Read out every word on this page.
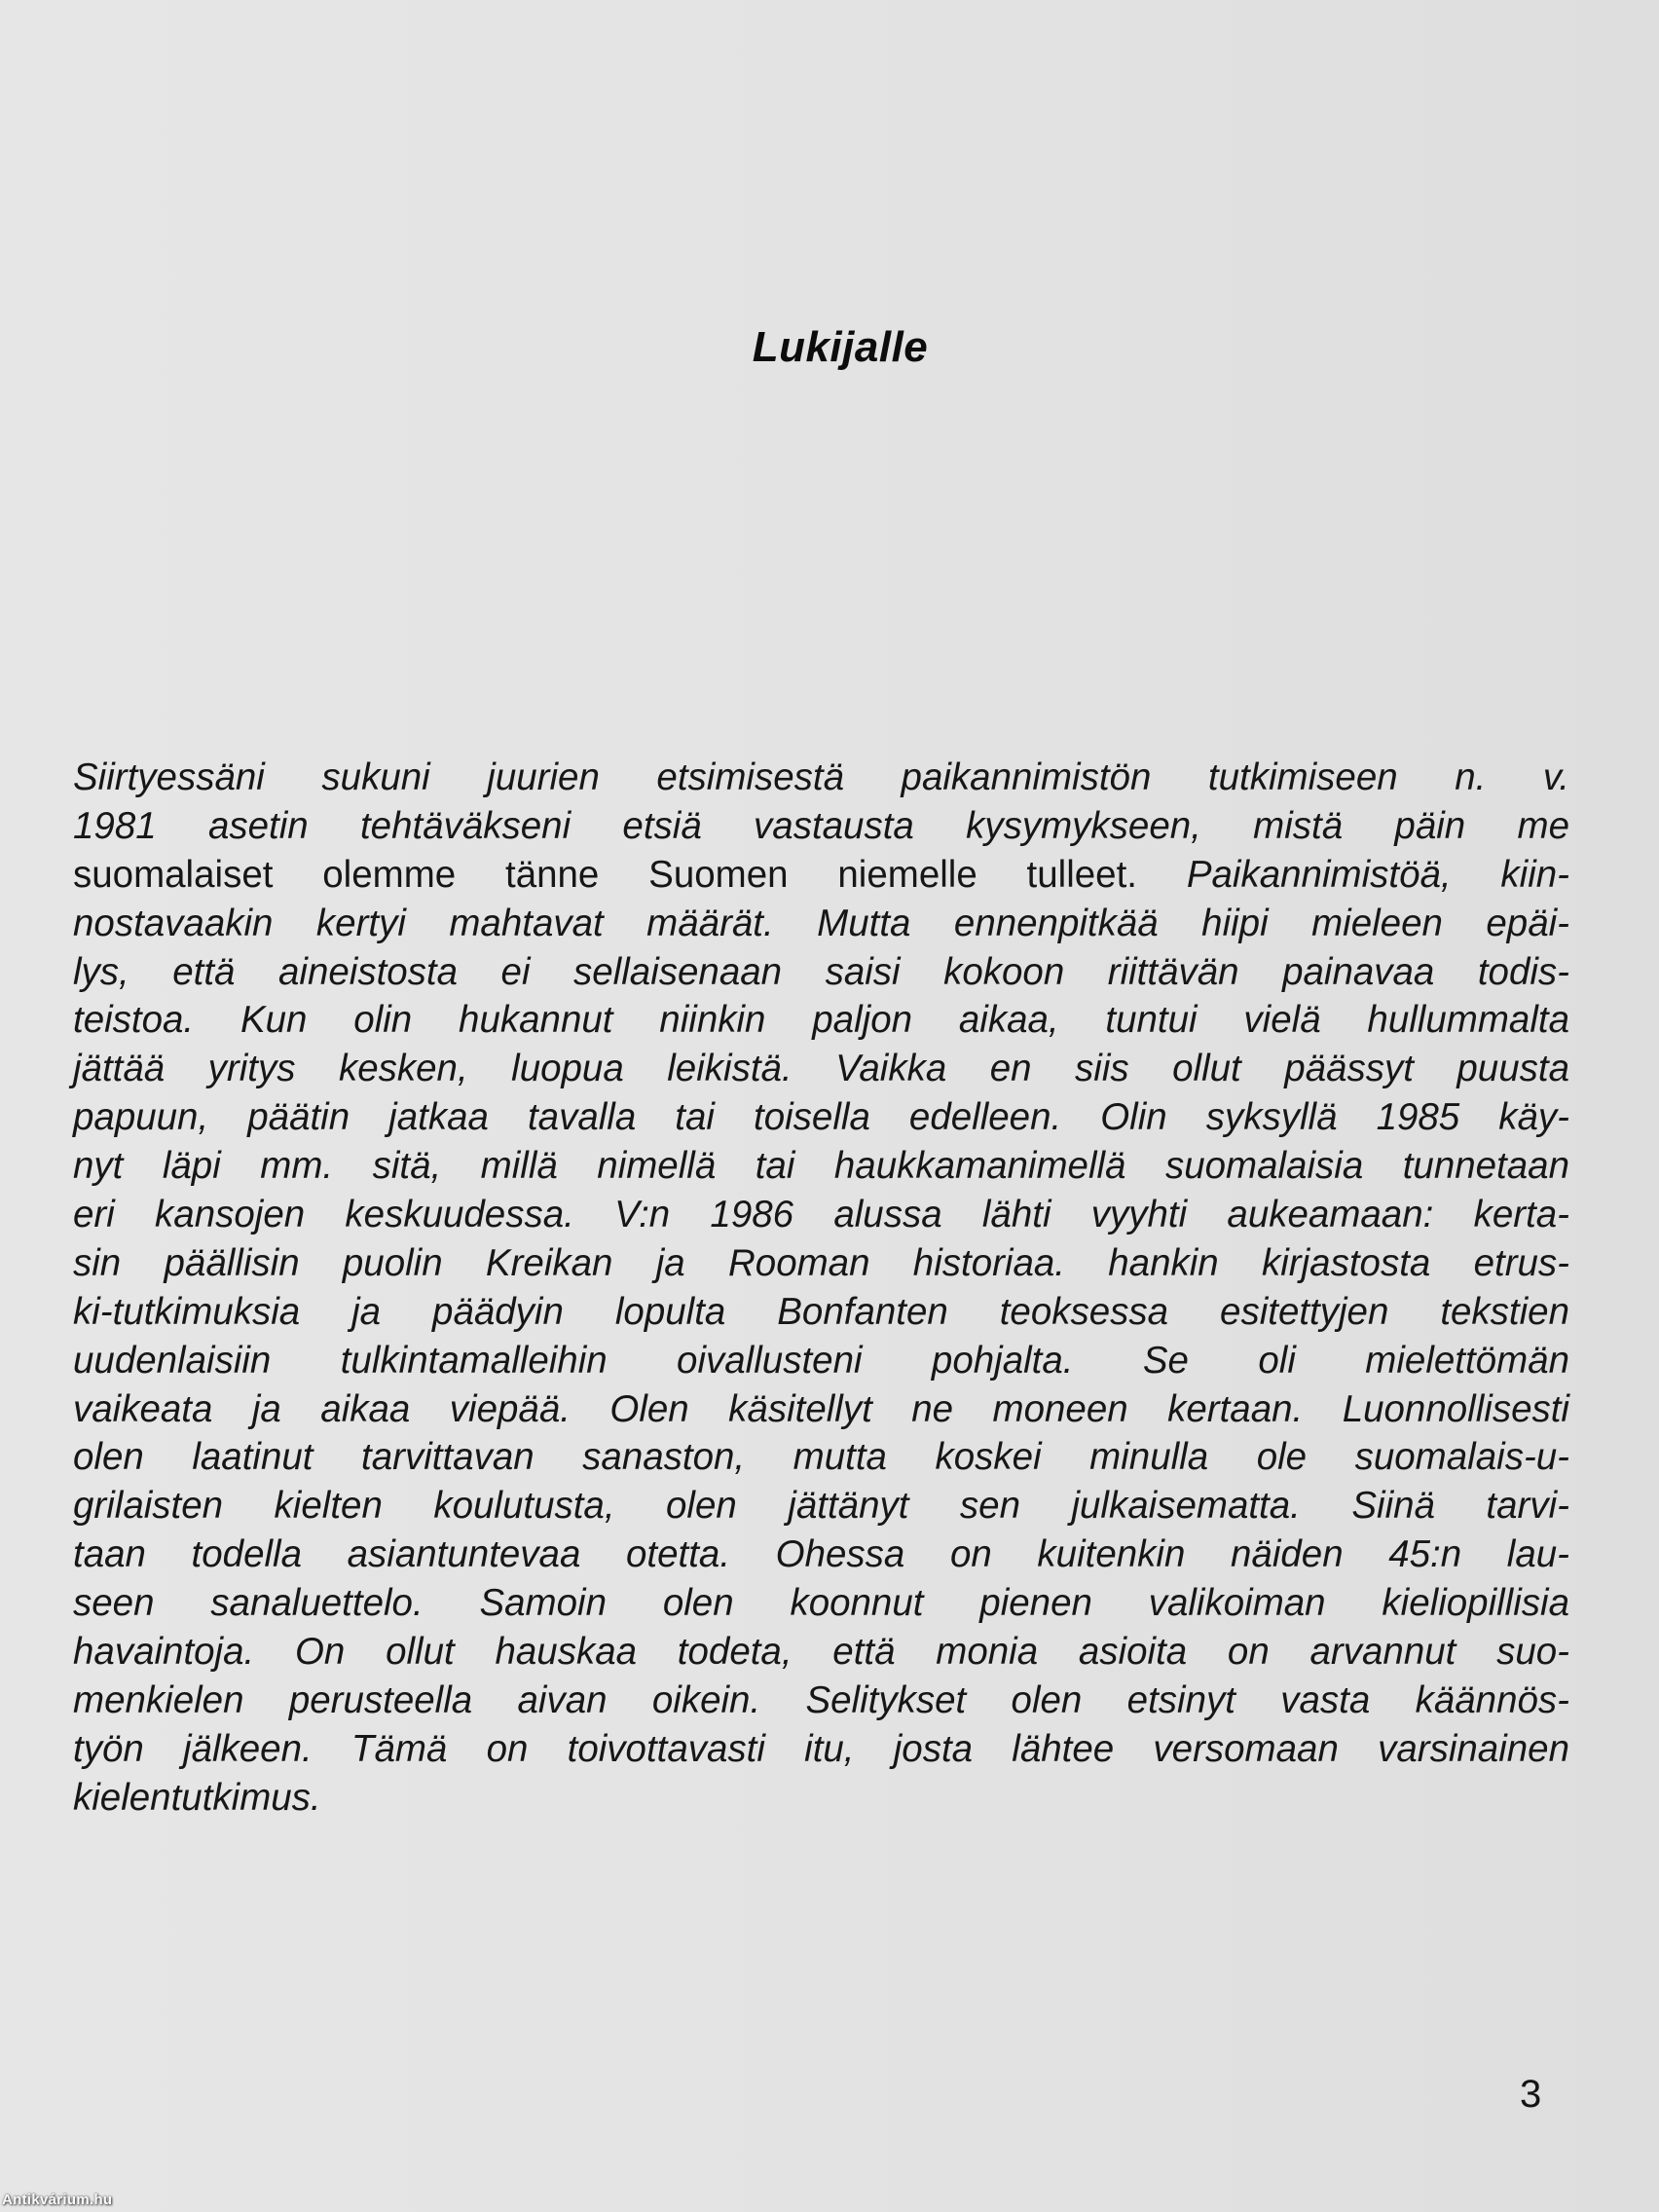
Lukijalle
Siirtyessäni sukuni juurien etsimisestä paikannimistön tutkimiseen n. v.
1981 asetin tehtäväkseni etsiä vastausta kysymykseen, mistä päin me
suomalaiset olemme tänne Suomen niemelle tulleet. Paikannimistöä, kiin-
nostavaakin kertyi mahtavat määrät. Mutta ennenpitkää hiipi mieleen epäi-
lys, että aineistosta ei sellaisenaan saisi kokoon riittävän painavaa todis-
teistoa. Kun olin hukannut niinkin paljon aikaa, tuntui vielä hullummalta
jättää yritys kesken, luopua leikistä. Vaikka en siis ollut päässyt puusta
papuun, päätin jatkaa tavalla tai toisella edelleen. Olin syksyllä 1985 käy-
nyt läpi mm. sitä, millä nimellä tai haukkamanimellä suomalaisia tunnetaan
eri kansojen keskuudessa. V:n 1986 alussa lähti vyyhti aukeamaan: kerta-
sin päällisin puolin Kreikan ja Rooman historiaa. hankin kirjastosta etrus-
ki-tutkimuksia ja päädyin lopulta Bonfanten teoksessa esitettyjen tekstien
uudenlaisiin tulkintamalleihin oivallusteni pohjalta. Se oli mielettömän
vaikeata ja aikaa viepää. Olen käsitellyt ne moneen kertaan. Luonnollisesti
olen laatinut tarvittavan sanaston, mutta koskei minulla ole suomalais-u-
grilaisten kielten koulutusta, olen jättänyt sen julkaisematta. Siinä tarvi-
taan todella asiantuntevaa otetta. Ohessa on kuitenkin näiden 45:n lau-
seen sanaluettelo. Samoin olen koonnut pienen valikoiman kieliopillisia
havaintoja. On ollut hauskaa todeta, että monia asioita on arvannut suo-
menkielen perusteella aivan oikein. Selitykset olen etsinyt vasta käännös-
työn jälkeen. Tämä on toivottavasti itu, josta lähtee versomaan varsinainen
kielentutkimus.
3
Antikvárium.hu
